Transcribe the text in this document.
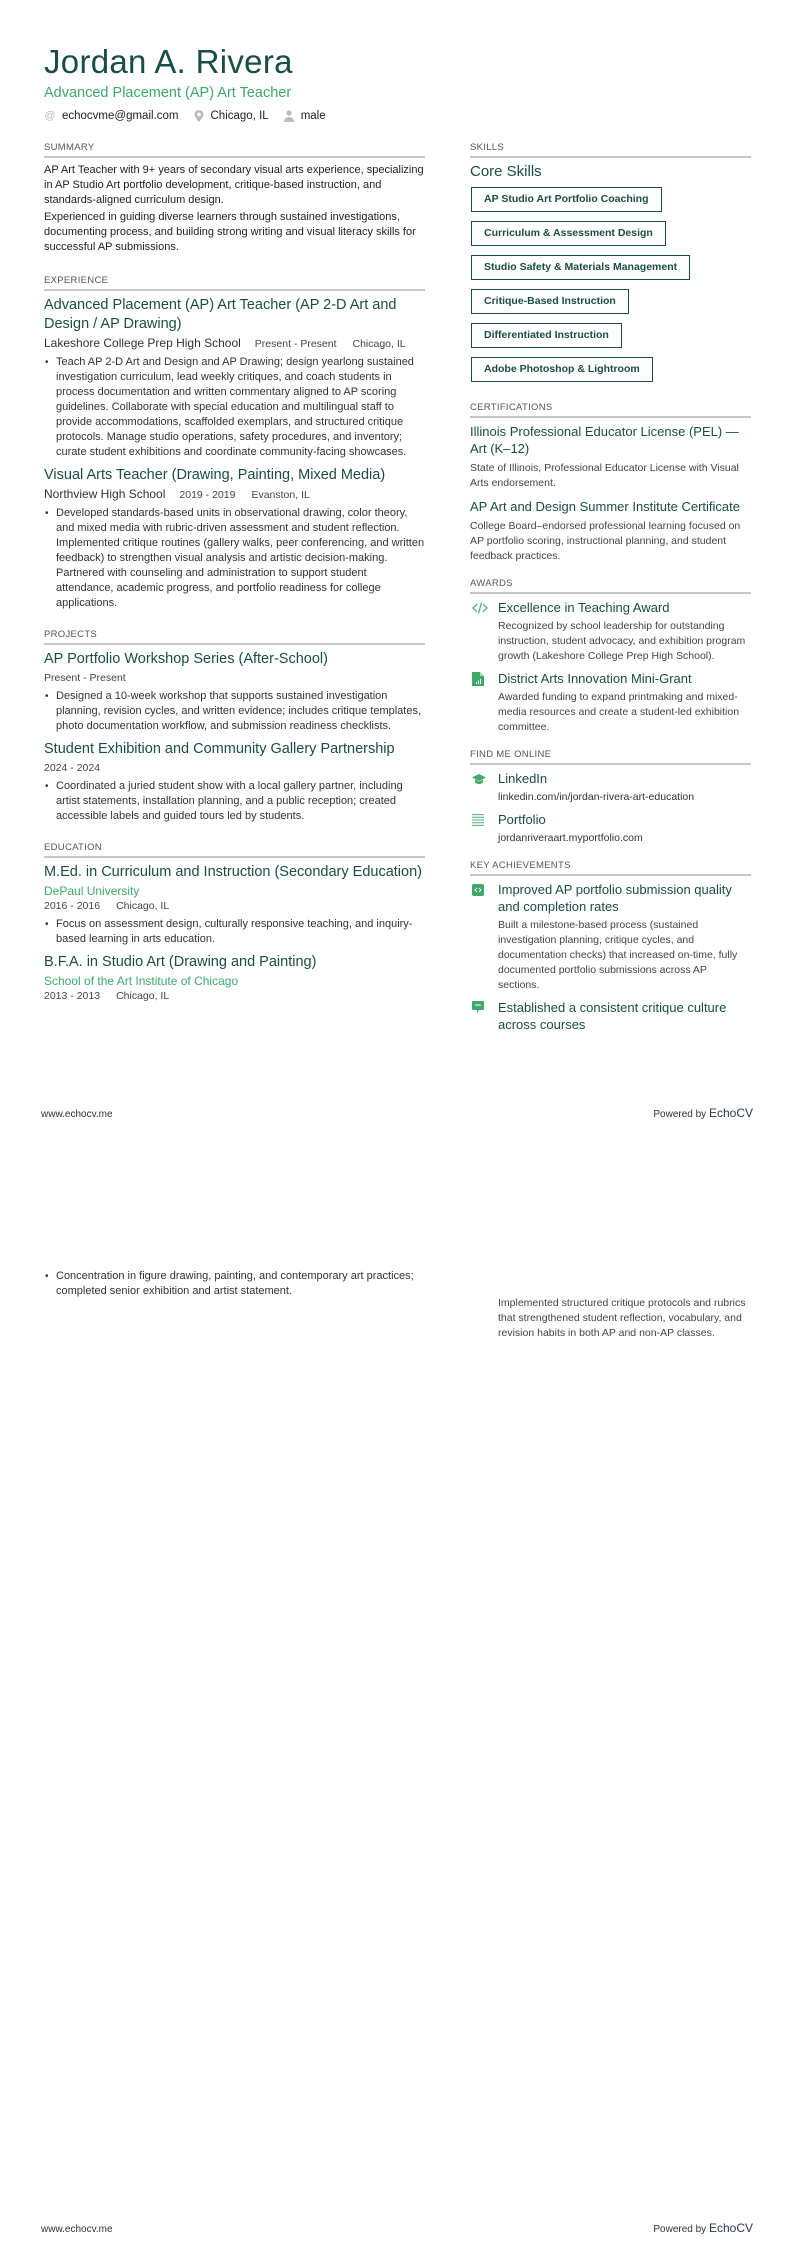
Jordan A. Rivera
Advanced Placement (AP) Art Teacher
@ echocvme@gmail.com	Chicago, IL	male
SUMMARY

AP Art Teacher with 9+ years of secondary visual arts experience, specializing in AP Studio Art portfolio development, critique-based instruction, and standards-aligned curriculum design.

Experienced in guiding diverse learners through sustained investigations, documenting process, and building strong writing and visual literacy skills for successful AP submissions.

EXPERIENCE
Advanced Placement (AP) Art Teacher (AP 2-D Art and Design / AP Drawing)
Lakeshore College Prep High School Present - Present Chicago, IL
• Teach AP 2-D Art and Design and AP Drawing; design yearlong sustained investigation curriculum, lead weekly critiques, and coach students in process documentation and written commentary aligned to AP scoring guidelines. Collaborate with special education and multilingual staff to provide accommodations, scaffolded exemplars, and structured critique protocols. Manage studio operations, safety procedures, and inventory; curate student exhibitions and coordinate community-facing showcases.
Visual Arts Teacher (Drawing, Painting, Mixed Media)
Northview High School 2019 - 2019 Evanston, IL
• Developed standards-based units in observational drawing, color theory, and mixed media with rubric-driven assessment and student reflection. Implemented critique routines (gallery walks, peer conferencing, and written feedback) to strengthen visual analysis and artistic decision-making. Partnered with counseling and administration to support student attendance, academic progress, and portfolio readiness for college applications.
PROJECTS
AP Portfolio Workshop Series (After-School)
Present - Present
• Designed a 10-week workshop that supports sustained investigation planning, revision cycles, and written evidence; includes critique templates, photo documentation workflow, and submission readiness checklists.
Student Exhibition and Community Gallery Partnership
2024 - 2024
• Coordinated a juried student show with a local gallery partner, including artist statements, installation planning, and a public reception; created accessible labels and guided tours led by students.
EDUCATION
M.Ed. in Curriculum and Instruction (Secondary Education)
DePaul University
2016 - 2016 Chicago, IL
• Focus on assessment design, culturally responsive teaching, and inquiry-based learning in arts education.
B.F.A. in Studio Art (Drawing and Painting)
School of the Art Institute of Chicago
2013 - 2013 Chicago, IL
SKILLS
Core Skills
AP Studio Art Portfolio Coaching
Curriculum & Assessment Design
Studio Safety & Materials Management
Critique-Based Instruction
Differentiated Instruction
Adobe Photoshop & Lightroom
CERTIFICATIONS
Illinois Professional Educator License (PEL) — Art (K–12)
State of Illinois, Professional Educator License with Visual Arts endorsement.
AP Art and Design Summer Institute Certificate
College Board–endorsed professional learning focused on AP portfolio scoring, instructional planning, and student feedback practices.
AWARDS
Excellence in Teaching Award
Recognized by school leadership for outstanding instruction, student advocacy, and exhibition program growth (Lakeshore College Prep High School).
District Arts Innovation Mini-Grant
Awarded funding to expand printmaking and mixed-media resources and create a student-led exhibition committee.
FIND ME ONLINE
LinkedIn
linkedin.com/in/jordan-rivera-art-education
Portfolio
jordanriveraart.myportfolio.com
KEY ACHIEVEMENTS
Improved AP portfolio submission quality and completion rates
Built a milestone-based process (sustained investigation planning, critique cycles, and documentation checks) that increased on-time, fully documented portfolio submissions across AP sections.
Established a consistent critique culture across courses
www.echocv.me	Powered by EchoCV
• Concentration in figure drawing, painting, and contemporary art practices; completed senior exhibition and artist statement.
Implemented structured critique protocols and rubrics that strengthened student reflection, vocabulary, and revision habits in both AP and non-AP classes.
www.echocv.me	Powered by EchoCV
